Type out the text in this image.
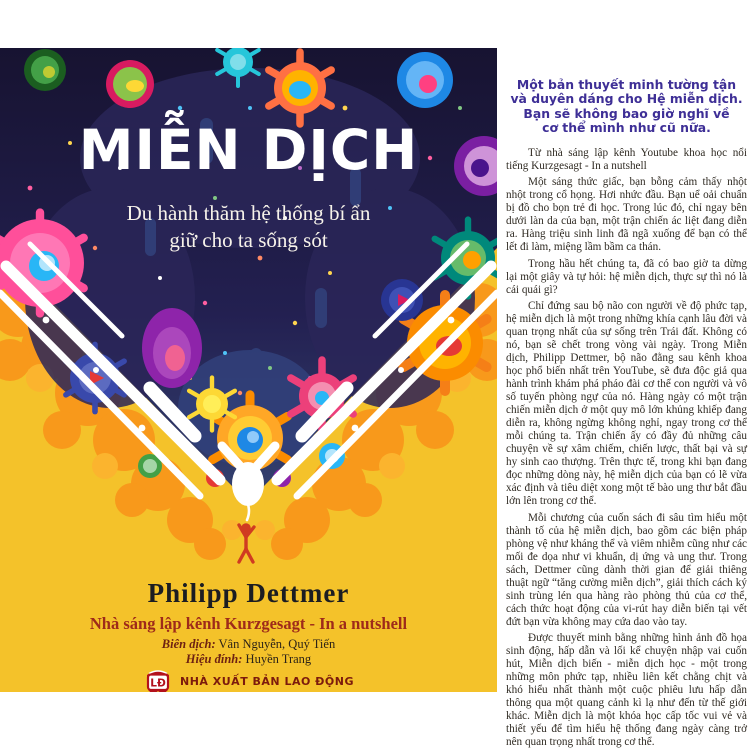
MIỄN DỊCH
Du hành thăm hệ thống bí ẩn
giữ cho ta sống sót
Philipp Dettmer
Nhà sáng lập kênh Kurzgesagt - In a nutshell
Biên dịch: Vân Nguyễn, Quý Tiến
Hiệu đính: Huyền Trang
LĐ NHÀ XUẤT BẢN LAO ĐỘNG
Một bản thuyết minh tường tận
và duyên dáng cho Hệ miễn dịch.
Bạn sẽ không bao giờ nghĩ về
cơ thể mình như cũ nữa.

Từ nhà sáng lập kênh Youtube khoa học nổi tiếng Kurzgesagt - In a nutshell

Một sáng thức giấc, bạn bỗng cảm thấy nhột nhột trong cổ họng. Hơi nhức đầu. Bạn uể oải chuẩn bị đồ cho bọn trẻ đi học. Trong lúc đó, chỉ ngay bên dưới làn da của bạn, một trận chiến ác liệt đang diễn ra. Hàng triệu sinh linh đã ngã xuống để bạn có thể lết đi làm, miệng lầm bầm ca thán.

Trong hầu hết chúng ta, đã có bao giờ ta dừng lại một giây và tự hỏi: hệ miễn dịch, thực sự thì nó là cái quái gì?

Chỉ đứng sau bộ não con người về độ phức tạp, hệ miễn dịch là một trong những khía cạnh lâu đời và quan trọng nhất của sự sống trên Trái đất. Không có nó, bạn sẽ chết trong vòng vài ngày. Trong Miễn dịch, Philipp Dettmer, bộ não đằng sau kênh khoa học phổ biến nhất trên YouTube, sẽ đưa độc giả qua hành trình khám phá pháo đài cơ thể con người và vô số tuyến phòng ngự của nó. Hàng ngày có một trận chiến miễn dịch ở một quy mô lớn khủng khiếp đang diễn ra, không ngừng không nghỉ, ngay trong cơ thể mỗi chúng ta. Trận chiến ấy có đầy đủ những câu chuyện về sự xâm chiếm, chiến lược, thất bại và sự hy sinh cao thượng. Trên thực tế, trong khi bạn đang đọc những dòng này, hệ miễn dịch của bạn có lẽ vừa xác định và tiêu diệt xong một tế bào ung thư bắt đầu lớn lên trong cơ thể.

Mỗi chương của cuốn sách đi sâu tìm hiểu một thành tố của hệ miễn dịch, bao gồm các biện pháp phòng vệ như kháng thể và viêm nhiễm cũng như các mối đe dọa như vi khuẩn, dị ứng và ung thư. Trong sách, Dettmer cũng dành thời gian để giải thiêng thuật ngữ “tăng cường miễn dịch”, giải thích cách ký sinh trùng lén qua hàng rào phòng thủ của cơ thể, cách thức hoạt động của vi-rút hay diễn biến tại vết đứt bạn vừa không may cứa dao vào tay.

Được thuyết minh bằng những hình ảnh đồ họa sinh động, hấp dẫn và lối kể chuyện nhập vai cuốn hút, Miễn dịch biến - miễn dịch học - một trong những môn phức tạp, nhiều liên kết chằng chịt và khó hiểu nhất thành một cuộc phiêu lưu hấp dẫn thông qua một quang cảnh kì lạ như đến từ thế giới khác. Miễn dịch là một khóa học cấp tốc vui vẻ và thiết yếu để tìm hiểu hệ thống đang ngày càng trở nên quan trọng nhất trong cơ thể.
